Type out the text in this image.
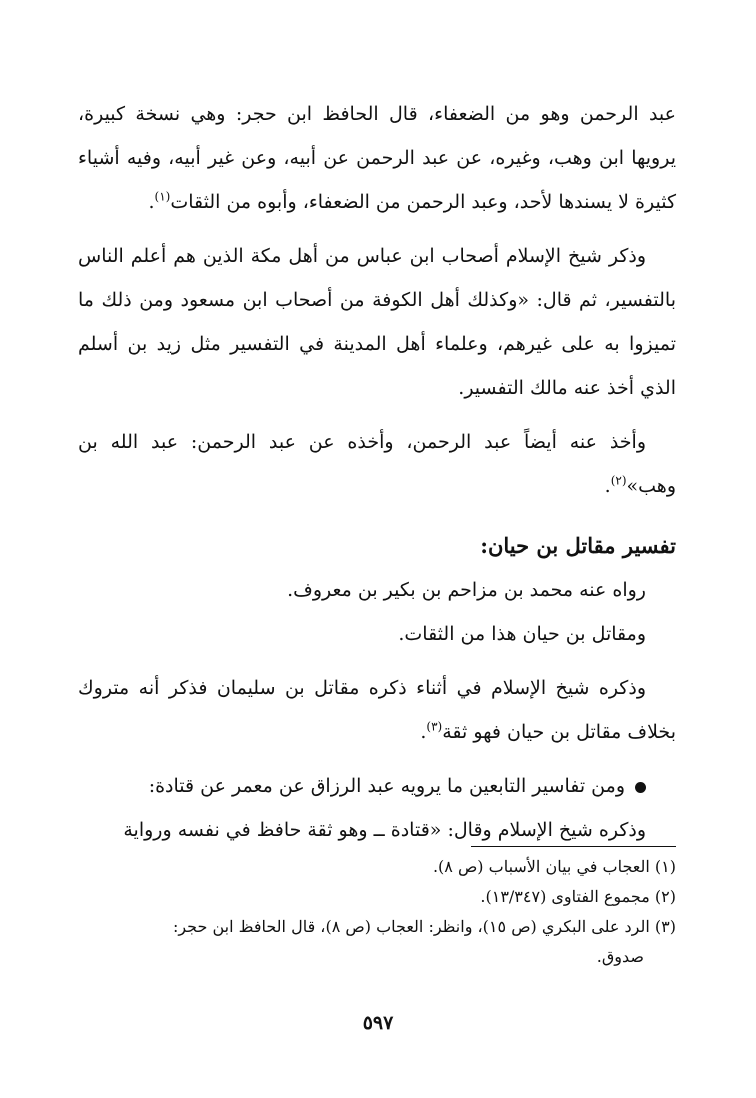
عبد الرحمن وهو من الضعفاء، قال الحافظ ابن حجر: وهي نسخة كبيرة، يرويها ابن وهب، وغيره، عن عبد الرحمن عن أبيه، وعن غير أبيه، وفيه أشياء كثيرة لا يسندها لأحد، وعبد الرحمن من الضعفاء، وأبوه من الثقات$^{(١)}$.

وذكر شيخ الإسلام أصحاب ابن عباس من أهل مكة الذين هم أعلم الناس بالتفسير، ثم قال: «وكذلك أهل الكوفة من أصحاب ابن مسعود ومن ذلك ما تميزوا به على غيرهم، وعلماء أهل المدينة في التفسير مثل زيد بن أسلم الذي أخذ عنه مالك التفسير.

وأخذ عنه أيضاً عبد الرحمن، وأخذه عن عبد الرحمن: عبد الله بن وهب»$^{(٢)}$.

تفسير مقاتل بن حيان:

رواه عنه محمد بن مزاحم بن بكير بن معروف.

ومقاتل بن حيان هذا من الثقات.

وذكره شيخ الإسلام في أثناء ذكره مقاتل بن سليمان فذكر أنه متروك بخلاف مقاتل بن حيان فهو ثقة$^{(٣)}$.

ومن تفاسير التابعين ما يرويه عبد الرزاق عن معمر عن قتادة:

وذكره شيخ الإسلام وقال: «قتادة ــ وهو ثقة حافظ في نفسه ورواية

(١) العجاب في بيان الأسباب (ص ٨).

(٢) مجموع الفتاوى (١٣/٣٤٧).

(٣) الرد على البكري (ص ١٥)، وانظر: العجاب (ص ٨)، قال الحافظ ابن حجر:

صدوق.

٥٩٧
